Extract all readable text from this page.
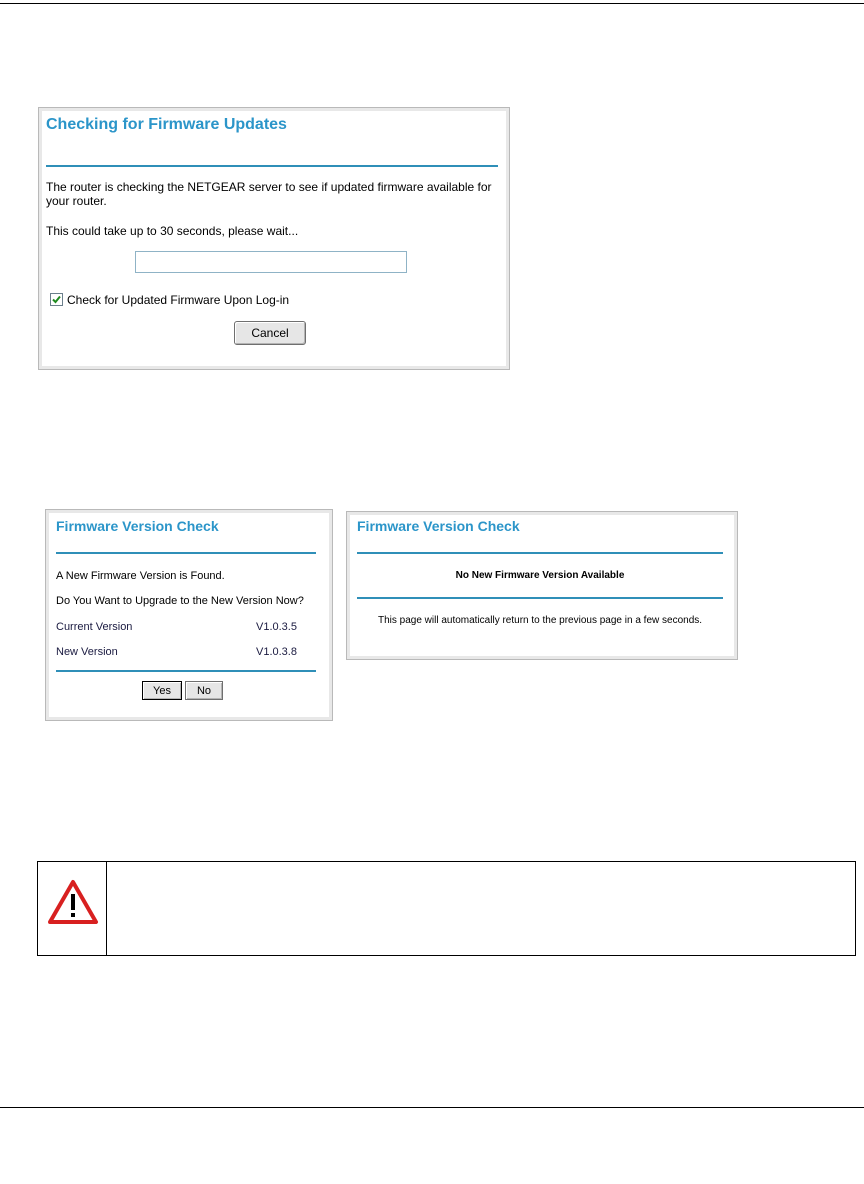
Checking for Firmware Updates
The router is checking the NETGEAR server to see if updated firmware available for your router.
This could take up to 30 seconds, please wait...
Check for Updated Firmware Upon Log-in
Cancel
Firmware Version Check
A New Firmware Version is Found.
Do You Want to Upgrade to the New Version Now?
Current Version	V1.0.3.5
New Version	V1.0.3.8
Yes	No
Firmware Version Check
No New Firmware Version Available
This page will automatically return to the previous page in a few seconds.
